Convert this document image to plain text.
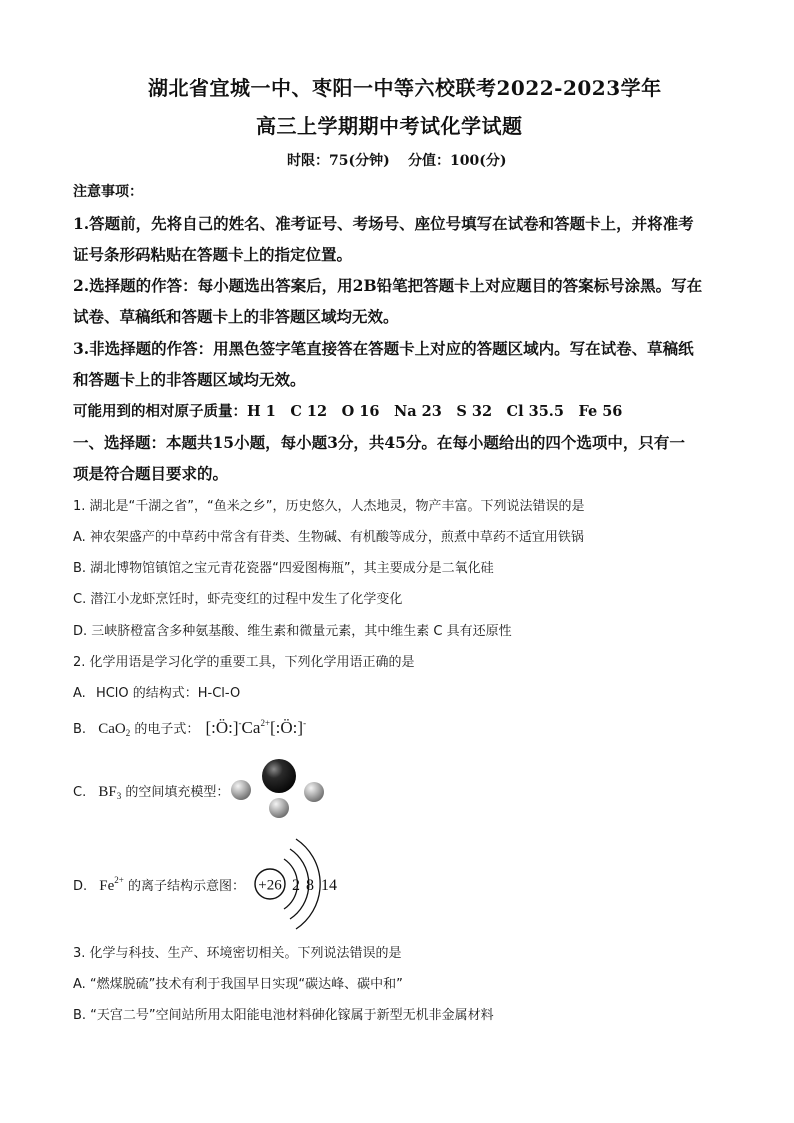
湖北省宜城一中、枣阳一中等六校联考2022-2023学年
高三上学期期中考试化学试题
时限：75(分钟) 分值：100(分)
注意事项：
1.答题前，先将自己的姓名、准考证号、考场号、座位号填写在试卷和答题卡上，并将准考
证号条形码粘贴在答题卡上的指定位置。
2.选择题的作答：每小题选出答案后，用2B铅笔把答题卡上对应题目的答案标号涂黑。写在
试卷、草稿纸和答题卡上的非答题区域均无效。
3.非选择题的作答：用黑色签字笔直接答在答题卡上对应的答题区域内。写在试卷、草稿纸
和答题卡上的非答题区域均无效。
可能用到的相对原子质量：H 1　C 12　O 16　Na 23　S 32　Cl 35.5　Fe 56
一、选择题：本题共15小题，每小题3分，共45分。在每小题给出的四个选项中，只有一
项是符合题目要求的。
1. 湖北是“千湖之省”，“鱼米之乡”，历史悠久，人杰地灵，物产丰富。下列说法错误的是
A. 神农架盛产的中草药中常含有苷类、生物碱、有机酸等成分，煎煮中草药不适宜用铁锅
B. 湖北博物馆镇馆之宝元青花瓷器“四爱图梅瓶”，其主要成分是二氧化硅
C. 潜江小龙虾烹饪时，虾壳变红的过程中发生了化学变化
D. 三峡脐橙富含多种氨基酸、维生素和微量元素，其中维生素 C 具有还原性
2. 化学用语是学习化学的重要工具，下列化学用语正确的是
A. HClO 的结构式：H-Cl-O
B. CaO$_2$ 的电子式： $[:Ö:]^-Ca^{2+}[:Ö:]^-$
C. $BF_3$ 的空间填充模型：
D. $Fe^{2+}$ 的离子结构示意图： +26 2 8 14
3. 化学与科技、生产、环境密切相关。下列说法错误的是
A. “燃煤脱硫”技术有利于我国早日实现“碳达峰、碳中和”
B. “天宫二号”空间站所用太阳能电池材料砷化镓属于新型无机非金属材料
